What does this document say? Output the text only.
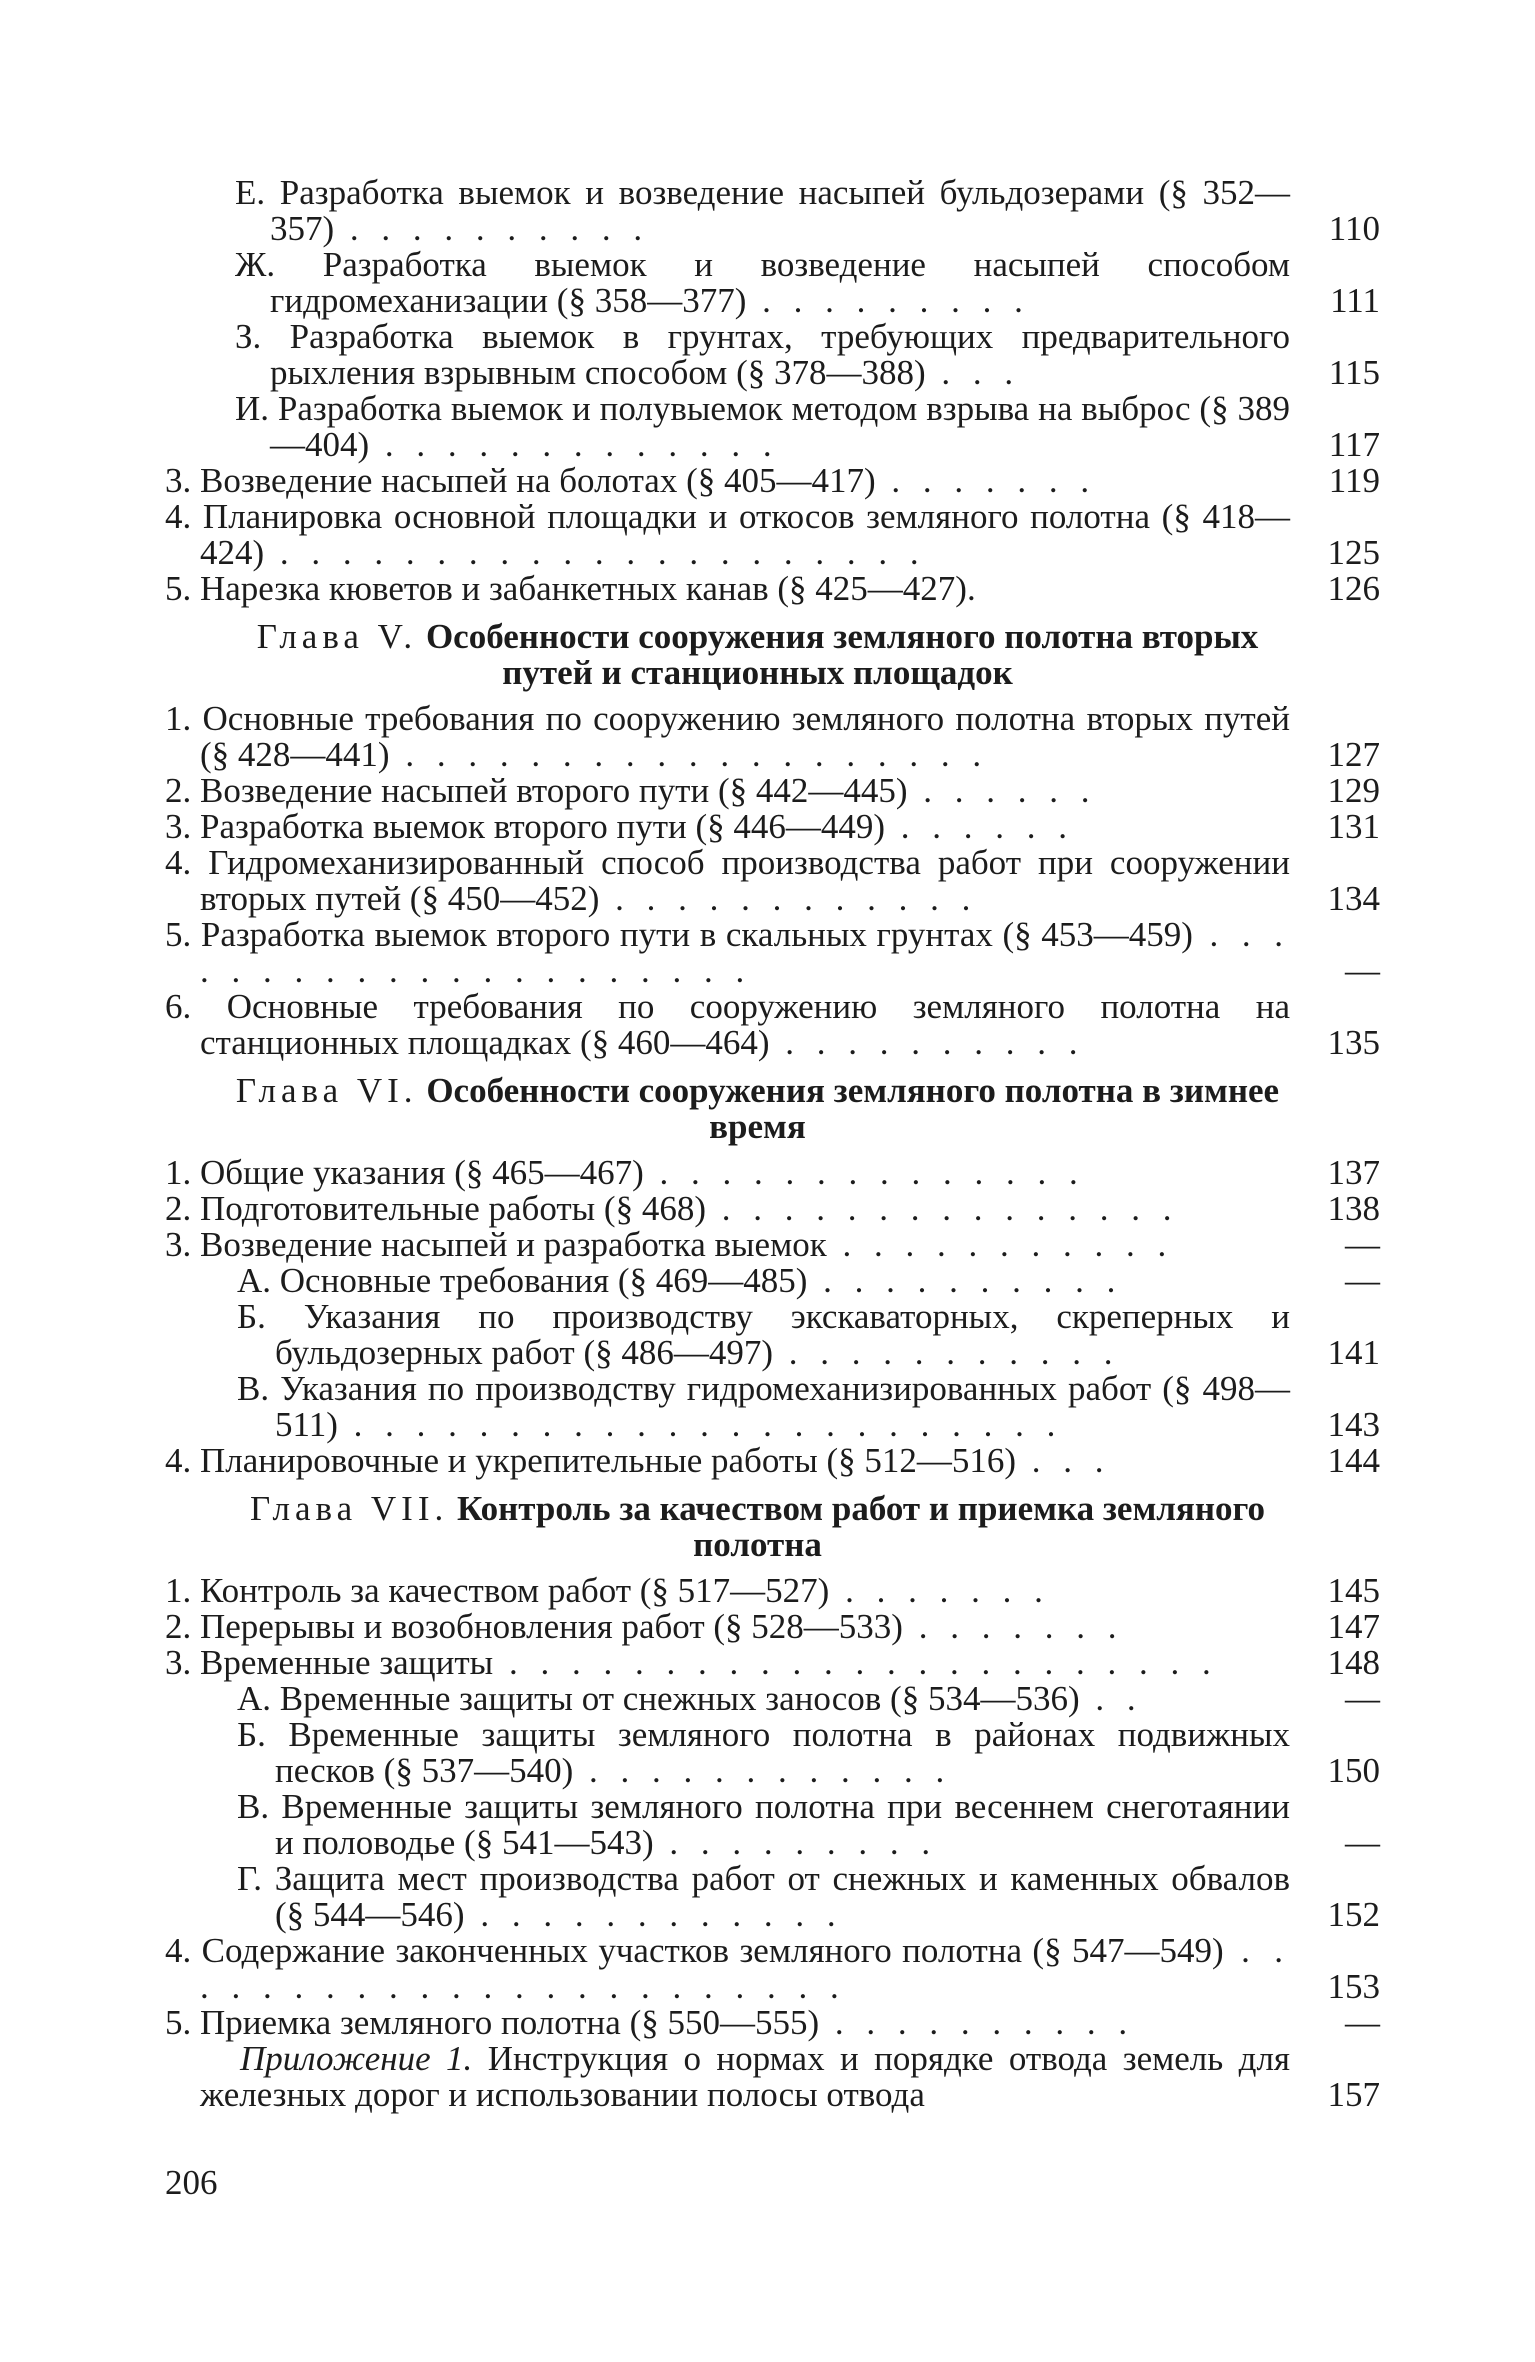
Е. Разработка выемок и возведение насыпей бульдозерами (§ 352—357) . . . . . . . . . .	110
Ж. Разработка выемок и возведение насыпей способом гидромеханизации (§ 358—377) . . . . . . . . .	111
З. Разработка выемок в грунтах, требующих предварительного рыхления взрывным способом (§ 378—388) . . .	115
И. Разработка выемок и полувыемок методом взрыва на выброс (§ 389—404) . . . . . . . . . . . . .	117
3. Возведение насыпей на болотах (§ 405—417) . . . . . . .	119
4. Планировка основной площадки и откосов земляного полотна (§ 418—424) . . . . . . . . . . . . . . . . . . . . .	125
5. Нарезка кюветов и забанкетных канав (§ 425—427).	126
Глава V. Особенности сооружения земляного полотна вторых путей и станционных площадок
1. Основные требования по сооружению земляного полотна вторых путей (§ 428—441) . . . . . . . . . . . . . . . . . . .	127
2. Возведение насыпей второго пути (§ 442—445) . . . . . .	129
3. Разработка выемок второго пути (§ 446—449) . . . . . .	131
4. Гидромеханизированный способ производства работ при сооружении вторых путей (§ 450—452) . . . . . . . . . . . .	134
5. Разработка выемок второго пути в скальных грунтах (§ 453—459) . . . . . . . . . . . . . . . . . . . . .	—
6. Основные требования по сооружению земляного полотна на станционных площадках (§ 460—464) . . . . . . . . . .	135
Глава VI. Особенности сооружения земляного полотна в зимнее время
1. Общие указания (§ 465—467) . . . . . . . . . . . . . .	137
2. Подготовительные работы (§ 468) . . . . . . . . . . . . . . .	138
3. Возведение насыпей и разработка выемок . . . . . . . . . . .	—
А. Основные требования (§ 469—485) . . . . . . . . . .	—
Б. Указания по производству экскаваторных, скреперных и бульдозерных работ (§ 486—497) . . . . . . . . . . .	141
В. Указания по производству гидромеханизированных работ (§ 498—511) . . . . . . . . . . . . . . . . . . . . . . .	143
4. Планировочные и укрепительные работы (§ 512—516) . . .	144
Глава VII. Контроль за качеством работ и приемка земляного полотна
1. Контроль за качеством работ (§ 517—527) . . . . . . .	145
2. Перерывы и возобновления работ (§ 528—533) . . . . . . .	147
3. Временные защиты . . . . . . . . . . . . . . . . . . . . . . .	148
А. Временные защиты от снежных заносов (§ 534—536) . .	—
Б. Временные защиты земляного полотна в районах подвижных песков (§ 537—540) . . . . . . . . . . . .	150
В. Временные защиты земляного полотна при весеннем снеготаянии и половодье (§ 541—543) . . . . . . . . .	—
Г. Защита мест производства работ от снежных и каменных обвалов (§ 544—546) . . . . . . . . . . . .	152
4. Содержание законченных участков земляного полотна (§ 547—549) . . . . . . . . . . . . . . . . . . . . . . .	153
5. Приемка земляного полотна (§ 550—555) . . . . . . . . . .	—
Приложение 1. Инструкция о нормах и порядке отвода земель для железных дорог и использовании полосы отвода	157
206
